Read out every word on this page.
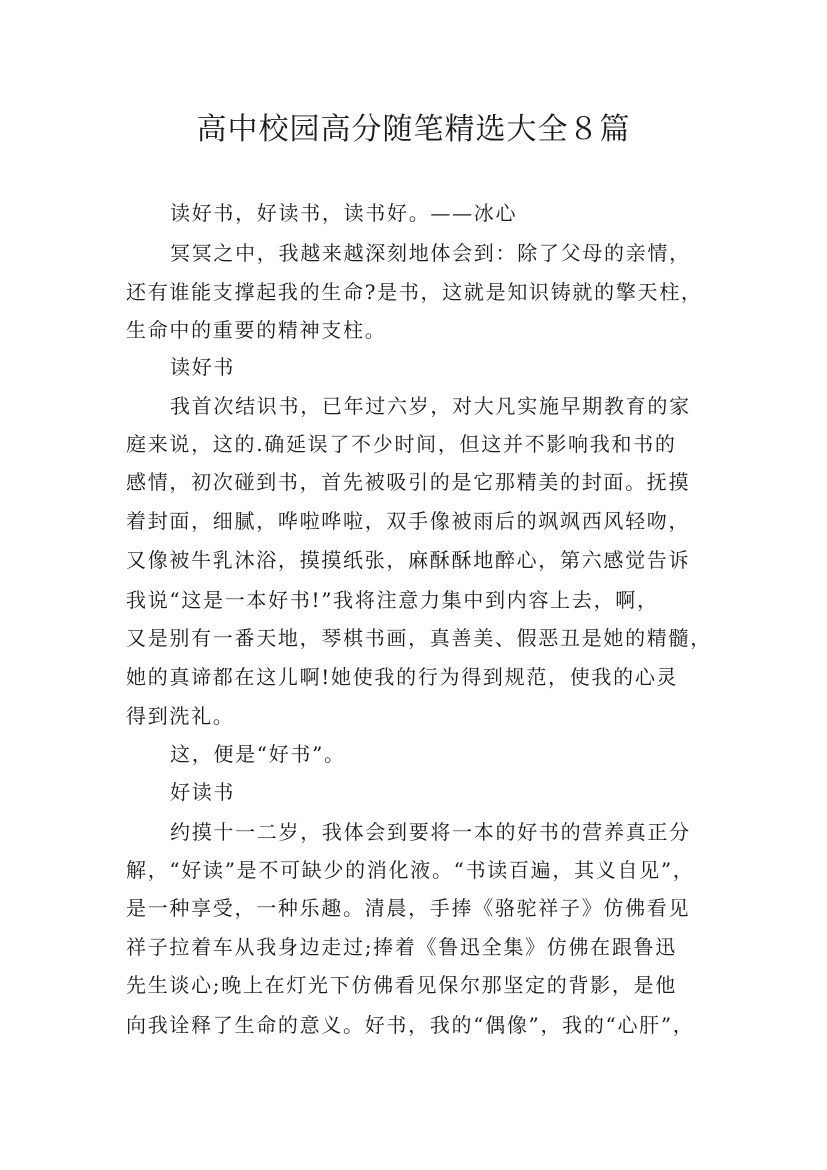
高中校园高分随笔精选大全８篇
读好书，好读书，读书好。——冰心
冥冥之中，我越来越深刻地体会到：除了父母的亲情，
还有谁能支撑起我的生命?是书，这就是知识铸就的擎天柱，
生命中的重要的精神支柱。
读好书
我首次结识书，已年过六岁，对大凡实施早期教育的家
庭来说，这的.确延误了不少时间，但这并不影响我和书的
感情，初次碰到书，首先被吸引的是它那精美的封面。抚摸
着封面，细腻，哗啦哗啦，双手像被雨后的飒飒西风轻吻，
又像被牛乳沐浴，摸摸纸张，麻酥酥地醉心，第六感觉告诉
我说“这是一本好书!”我将注意力集中到内容上去，啊，
又是别有一番天地，琴棋书画，真善美、假恶丑是她的精髓，
她的真谛都在这儿啊!她使我的行为得到规范，使我的心灵
得到洗礼。
这，便是“好书”。
好读书
约摸十一二岁，我体会到要将一本的好书的营养真正分
解，“好读”是不可缺少的消化液。“书读百遍，其义自见”，
是一种享受，一种乐趣。清晨，手捧《骆驼祥子》仿佛看见
祥子拉着车从我身边走过;捧着《鲁迅全集》仿佛在跟鲁迅
先生谈心;晚上在灯光下仿佛看见保尔那坚定的背影，是他
向我诠释了生命的意义。好书，我的“偶像”，我的“心肝”，
